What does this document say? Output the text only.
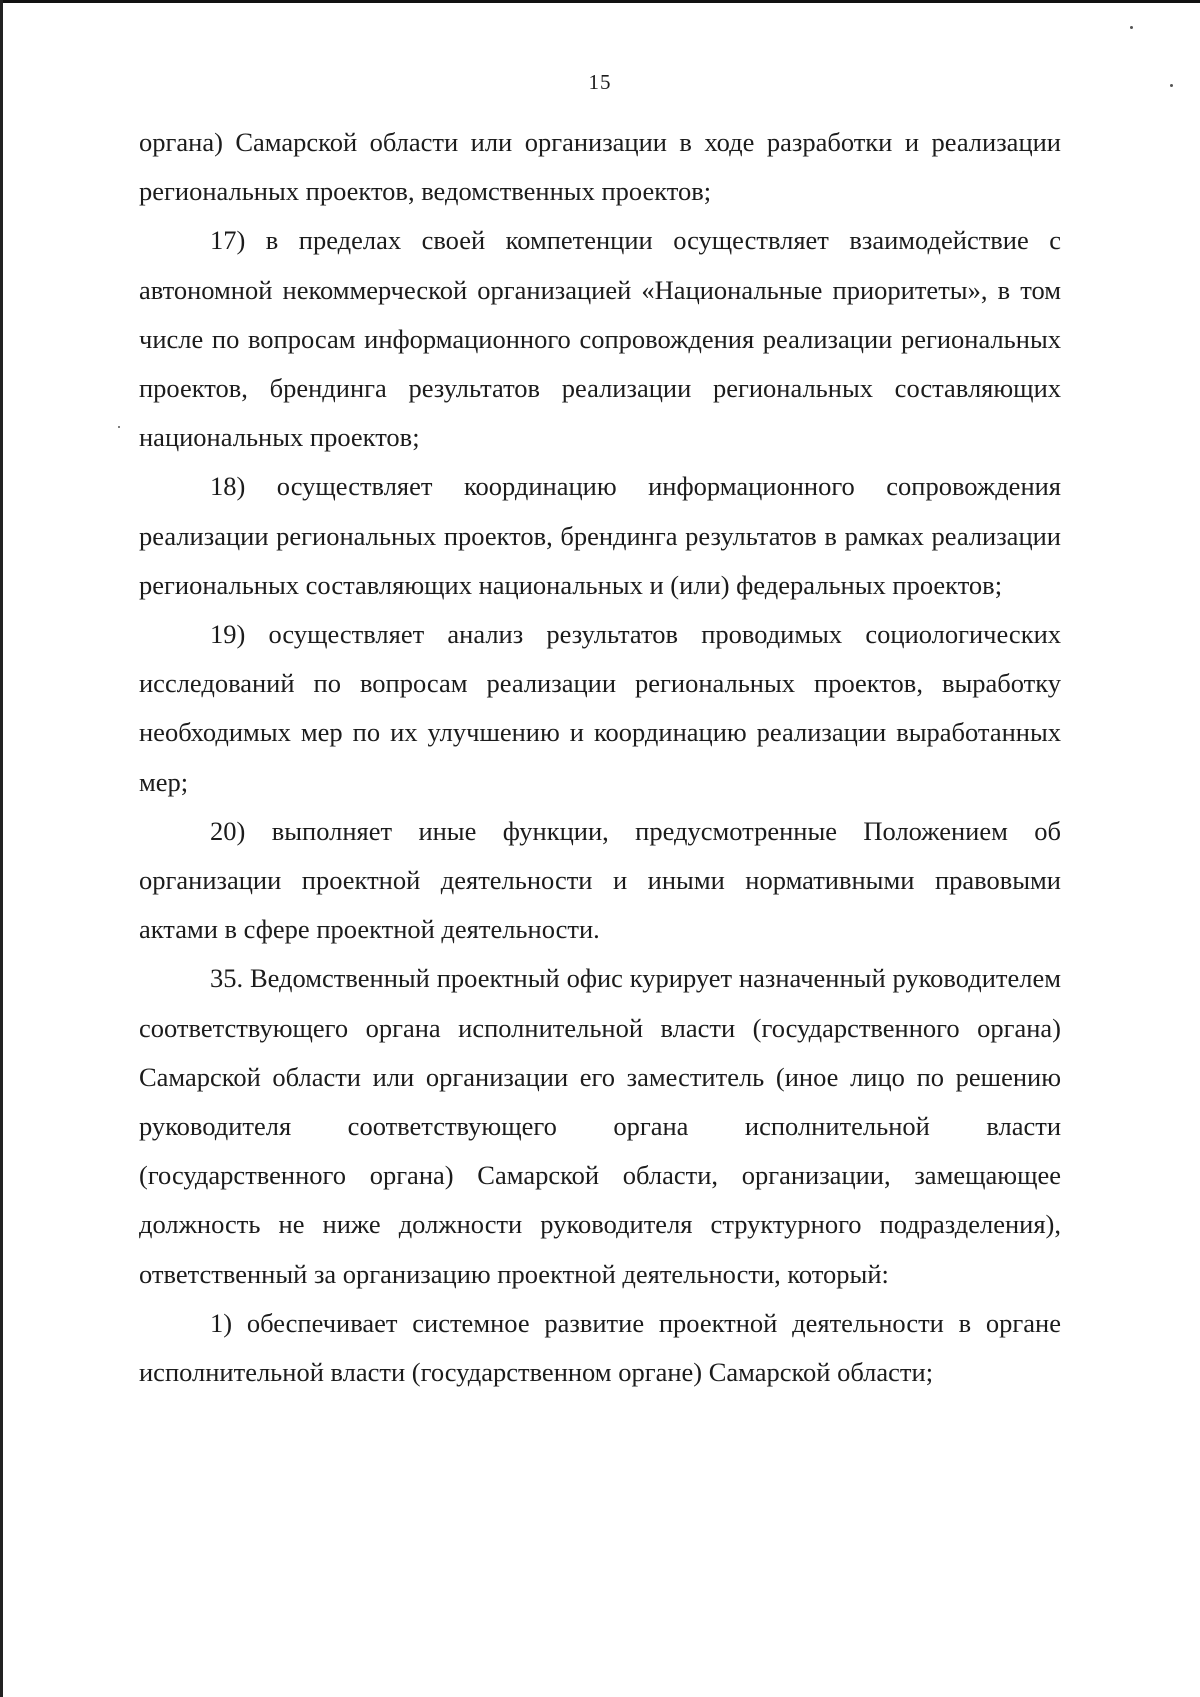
15

органа) Самарской области или организации в ходе разработки и реализации региональных проектов, ведомственных проектов;

17) в пределах своей компетенции осуществляет взаимодействие с автономной некоммерческой организацией «Национальные приоритеты», в том числе по вопросам информационного сопровождения реализации региональных проектов, брендинга результатов реализации региональных составляющих национальных проектов;

18) осуществляет координацию информационного сопровождения реализации региональных проектов, брендинга результатов в рамках реализации региональных составляющих национальных и (или) федеральных проектов;

19) осуществляет анализ результатов проводимых социологических исследований по вопросам реализации региональных проектов, выработку необходимых мер по их улучшению и координацию реализации выработанных мер;

20) выполняет иные функции, предусмотренные Положением об организации проектной деятельности и иными нормативными правовыми актами в сфере проектной деятельности.

35. Ведомственный проектный офис курирует назначенный руководителем соответствующего органа исполнительной власти (государственного органа) Самарской области или организации его заместитель (иное лицо по решению руководителя соответствующего органа исполнительной власти (государственного органа) Самарской области, организации, замещающее должность не ниже должности руководителя структурного подразделения), ответственный за организацию проектной деятельности, который:

1) обеспечивает системное развитие проектной деятельности в органе исполнительной власти (государственном органе) Самарской области;
